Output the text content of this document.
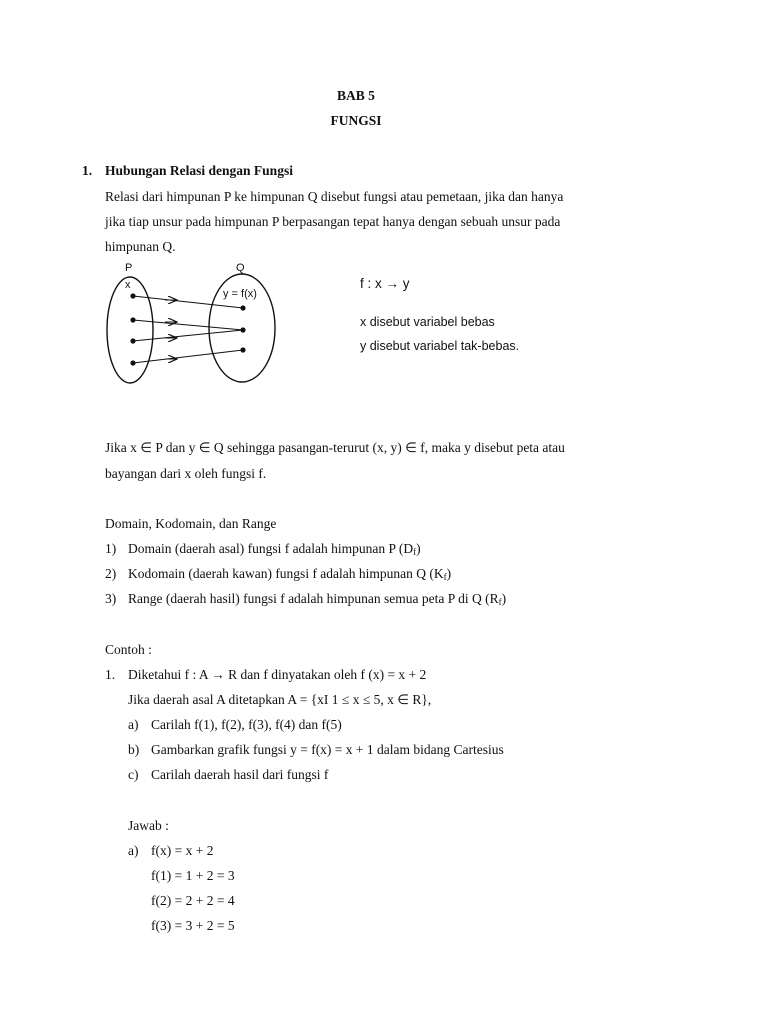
BAB 5
FUNGSI
1. Hubungan Relasi dengan Fungsi
Relasi dari himpunan P ke himpunan Q disebut fungsi atau pemetaan, jika dan hanya
jika tiap unsur pada himpunan P berpasangan tepat hanya dengan sebuah unsur pada
himpunan Q.
P	Q
x
y = f(x)
f : x → y
x disebut variabel bebas
y disebut variabel tak-bebas.
Jika x ∈ P dan y ∈ Q sehingga pasangan-terurut (x, y) ∈ f, maka y disebut peta atau
bayangan dari x oleh fungsi f.
Domain, Kodomain, dan Range
1) Domain (daerah asal) fungsi f adalah himpunan P $(D_f)$
2) Kodomain (daerah kawan) fungsi f adalah himpunan Q $(K_f)$
3) Range (daerah hasil) fungsi f adalah himpunan semua peta P di Q $(R_f)$
Contoh :
1. Diketahui f : A → R dan f dinyatakan oleh f (x) = x + 2
Jika daerah asal A ditetapkan A = {xI 1 ≤ x ≤ 5, x ∈ R},
a) Carilah f(1), f(2), f(3), f(4) dan f(5)
b) Gambarkan grafik fungsi y = f(x) = x + 1 dalam bidang Cartesius
c) Carilah daerah hasil dari fungsi f
Jawab :
a) f(x) = x + 2
f(1) = 1 + 2 = 3
f(2) = 2 + 2 = 4
f(3) = 3 + 2 = 5
